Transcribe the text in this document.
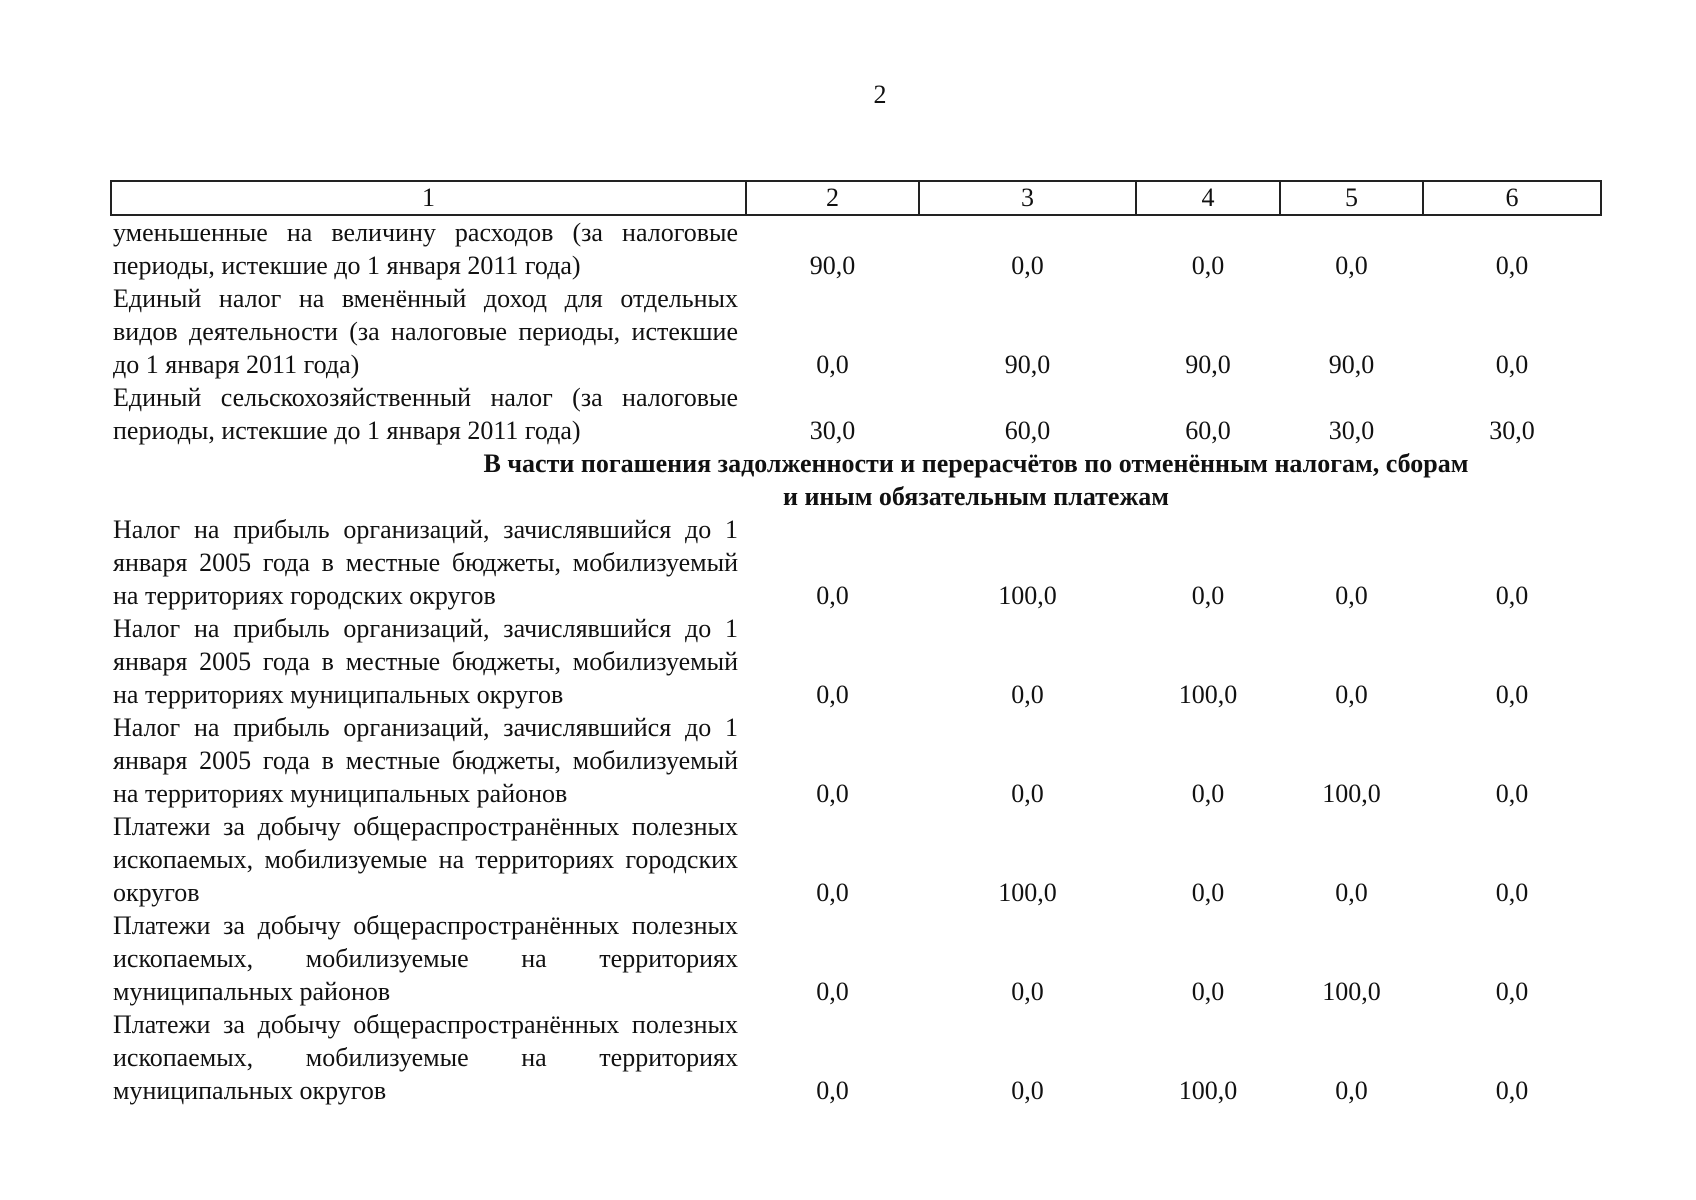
2
1	2	3	4	5	6
уменьшенные на величину расходов (за налоговые периоды, истекшие до 1 января 2011 года)	90,0	0,0	0,0	0,0	0,0
Единый налог на вменённый доход для отдельных видов деятельности (за налоговые периоды, истекшие до 1 января 2011 года)	0,0	90,0	90,0	90,0	0,0
Единый сельскохозяйственный налог (за налоговые периоды, истекшие до 1 января 2011 года)	30,0	60,0	60,0	30,0	30,0

В части погашения задолженности и перерасчётов по отменённым налогам, сборам и иным обязательным платежам					

Налог на прибыль организаций, зачислявшийся до 1 января 2005 года в местные бюджеты, мобилизуемый на территориях городских округов	0,0	100,0	0,0	0,0	0,0
Налог на прибыль организаций, зачислявшийся до 1 января 2005 года в местные бюджеты, мобилизуемый на территориях муниципальных округов	0,0	0,0	100,0	0,0	0,0
Налог на прибыль организаций, зачислявшийся до 1 января 2005 года в местные бюджеты, мобилизуемый на территориях муниципальных районов	0,0	0,0	0,0	100,0	0,0
Платежи за добычу общераспространённых полезных ископаемых, мобилизуемые на территориях городских округов	0,0	100,0	0,0	0,0	0,0
Платежи за добычу общераспространённых полезных ископаемых, мобилизуемые на территориях муниципальных районов	0,0	0,0	0,0	100,0	0,0
Платежи за добычу общераспространённых полезных ископаемых, мобилизуемые на территориях муниципальных округов	0,0	0,0	100,0	0,0	0,0
